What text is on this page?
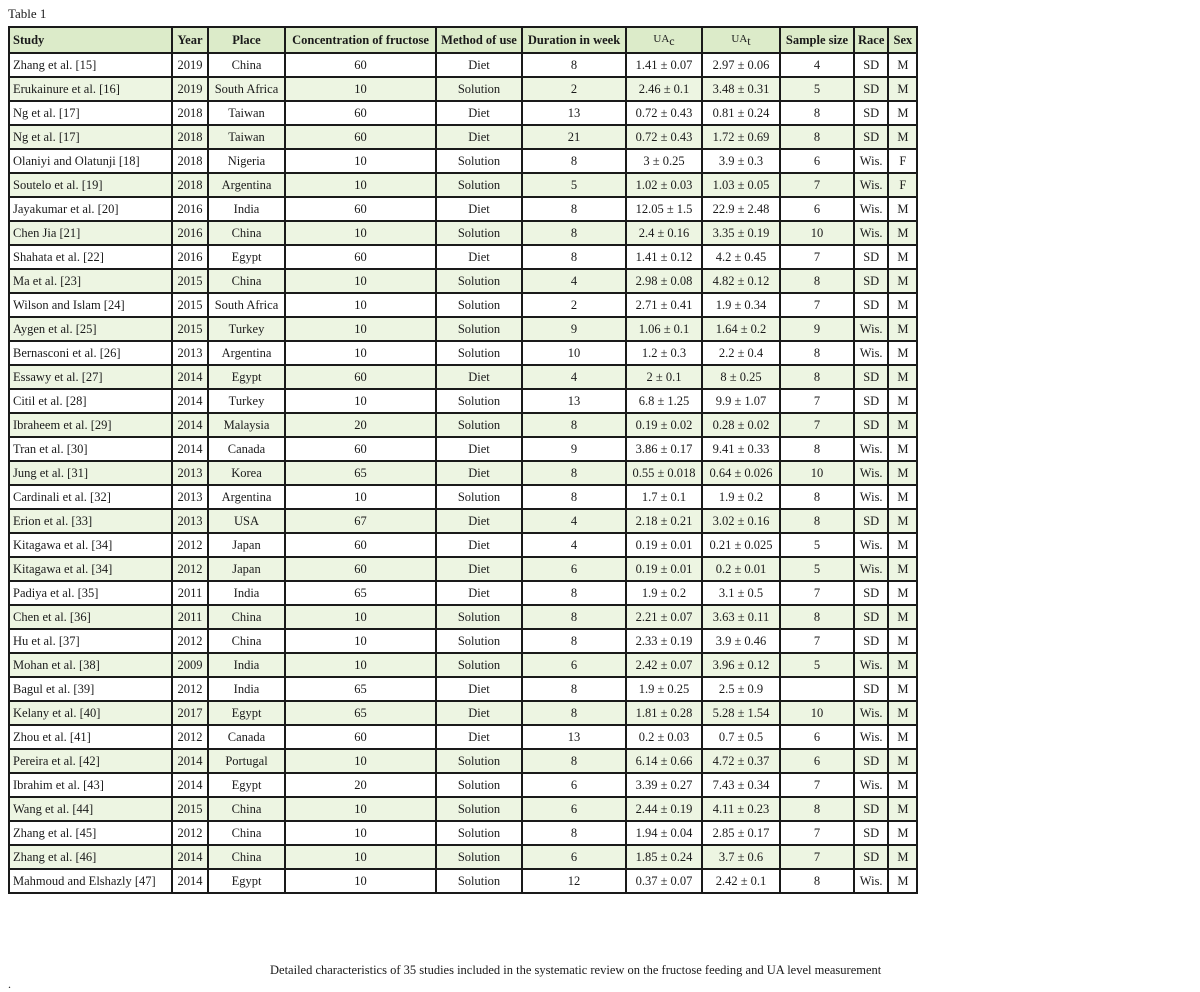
Table 1
Study	Year	Place	Concentration of fructose	Method of use	Duration in week	$UA_c$	$UA_t$	Sample size	Race	Sex
Zhang et al. [15]	2019	China	60	Diet	8	1.41 ± 0.07	2.97 ± 0.06	4	SD	M
Erukainure et al. [16]	2019	South Africa	10	Solution	2	2.46 ± 0.1	3.48 ± 0.31	5	SD	M
Ng et al. [17]	2018	Taiwan	60	Diet	13	0.72 ± 0.43	0.81 ± 0.24	8	SD	M
Ng et al. [17]	2018	Taiwan	60	Diet	21	0.72 ± 0.43	1.72 ± 0.69	8	SD	M
Olaniyi and Olatunji [18]	2018	Nigeria	10	Solution	8	3 ± 0.25	3.9 ± 0.3	6	Wis.	F
Soutelo et al. [19]	2018	Argentina	10	Solution	5	1.02 ± 0.03	1.03 ± 0.05	7	Wis.	F
Jayakumar et al. [20]	2016	India	60	Diet	8	12.05 ± 1.5	22.9 ± 2.48	6	Wis.	M
Chen Jia [21]	2016	China	10	Solution	8	2.4 ± 0.16	3.35 ± 0.19	10	Wis.	M
Shahata et al. [22]	2016	Egypt	60	Diet	8	1.41 ± 0.12	4.2 ± 0.45	7	SD	M
Ma et al. [23]	2015	China	10	Solution	4	2.98 ± 0.08	4.82 ± 0.12	8	SD	M
Wilson and Islam [24]	2015	South Africa	10	Solution	2	2.71 ± 0.41	1.9 ± 0.34	7	SD	M
Aygen et al. [25]	2015	Turkey	10	Solution	9	1.06 ± 0.1	1.64 ± 0.2	9	Wis.	M
Bernasconi et al. [26]	2013	Argentina	10	Solution	10	1.2 ± 0.3	2.2 ± 0.4	8	Wis.	M
Essawy et al. [27]	2014	Egypt	60	Diet	4	2 ± 0.1	8 ± 0.25	8	SD	M
Citil et al. [28]	2014	Turkey	10	Solution	13	6.8 ± 1.25	9.9 ± 1.07	7	SD	M
Ibraheem et al. [29]	2014	Malaysia	20	Solution	8	0.19 ± 0.02	0.28 ± 0.02	7	SD	M
Tran et al. [30]	2014	Canada	60	Diet	9	3.86 ± 0.17	9.41 ± 0.33	8	Wis.	M
Jung et al. [31]	2013	Korea	65	Diet	8	0.55 ± 0.018	0.64 ± 0.026	10	Wis.	M
Cardinali et al. [32]	2013	Argentina	10	Solution	8	1.7 ± 0.1	1.9 ± 0.2	8	Wis.	M
Erion et al. [33]	2013	USA	67	Diet	4	2.18 ± 0.21	3.02 ± 0.16	8	SD	M
Kitagawa et al. [34]	2012	Japan	60	Diet	4	0.19 ± 0.01	0.21 ± 0.025	5	Wis.	M
Kitagawa et al. [34]	2012	Japan	60	Diet	6	0.19 ± 0.01	0.2 ± 0.01	5	Wis.	M
Padiya et al. [35]	2011	India	65	Diet	8	1.9 ± 0.2	3.1 ± 0.5	7	SD	M
Chen et al. [36]	2011	China	10	Solution	8	2.21 ± 0.07	3.63 ± 0.11	8	SD	M
Hu et al. [37]	2012	China	10	Solution	8	2.33 ± 0.19	3.9 ± 0.46	7	SD	M
Mohan et al. [38]	2009	India	10	Solution	6	2.42 ± 0.07	3.96 ± 0.12	5	Wis.	M
Bagul et al. [39]	2012	India	65	Diet	8	1.9 ± 0.25	2.5 ± 0.9		SD	M
Kelany et al. [40]	2017	Egypt	65	Diet	8	1.81 ± 0.28	5.28 ± 1.54	10	Wis.	M
Zhou et al. [41]	2012	Canada	60	Diet	13	0.2 ± 0.03	0.7 ± 0.5	6	Wis.	M
Pereira et al. [42]	2014	Portugal	10	Solution	8	6.14 ± 0.66	4.72 ± 0.37	6	SD	M
Ibrahim et al. [43]	2014	Egypt	20	Solution	6	3.39 ± 0.27	7.43 ± 0.34	7	Wis.	M
Wang et al. [44]	2015	China	10	Solution	6	2.44 ± 0.19	4.11 ± 0.23	8	SD	M
Zhang et al. [45]	2012	China	10	Solution	8	1.94 ± 0.04	2.85 ± 0.17	7	SD	M
Zhang et al. [46]	2014	China	10	Solution	6	1.85 ± 0.24	3.7 ± 0.6	7	SD	M
Mahmoud and Elshazly [47]	2014	Egypt	10	Solution	12	0.37 ± 0.07	2.42 ± 0.1	8	Wis.	M
Detailed characteristics of 35 studies included in the systematic review on the fructose feeding and UA level measurement
.
